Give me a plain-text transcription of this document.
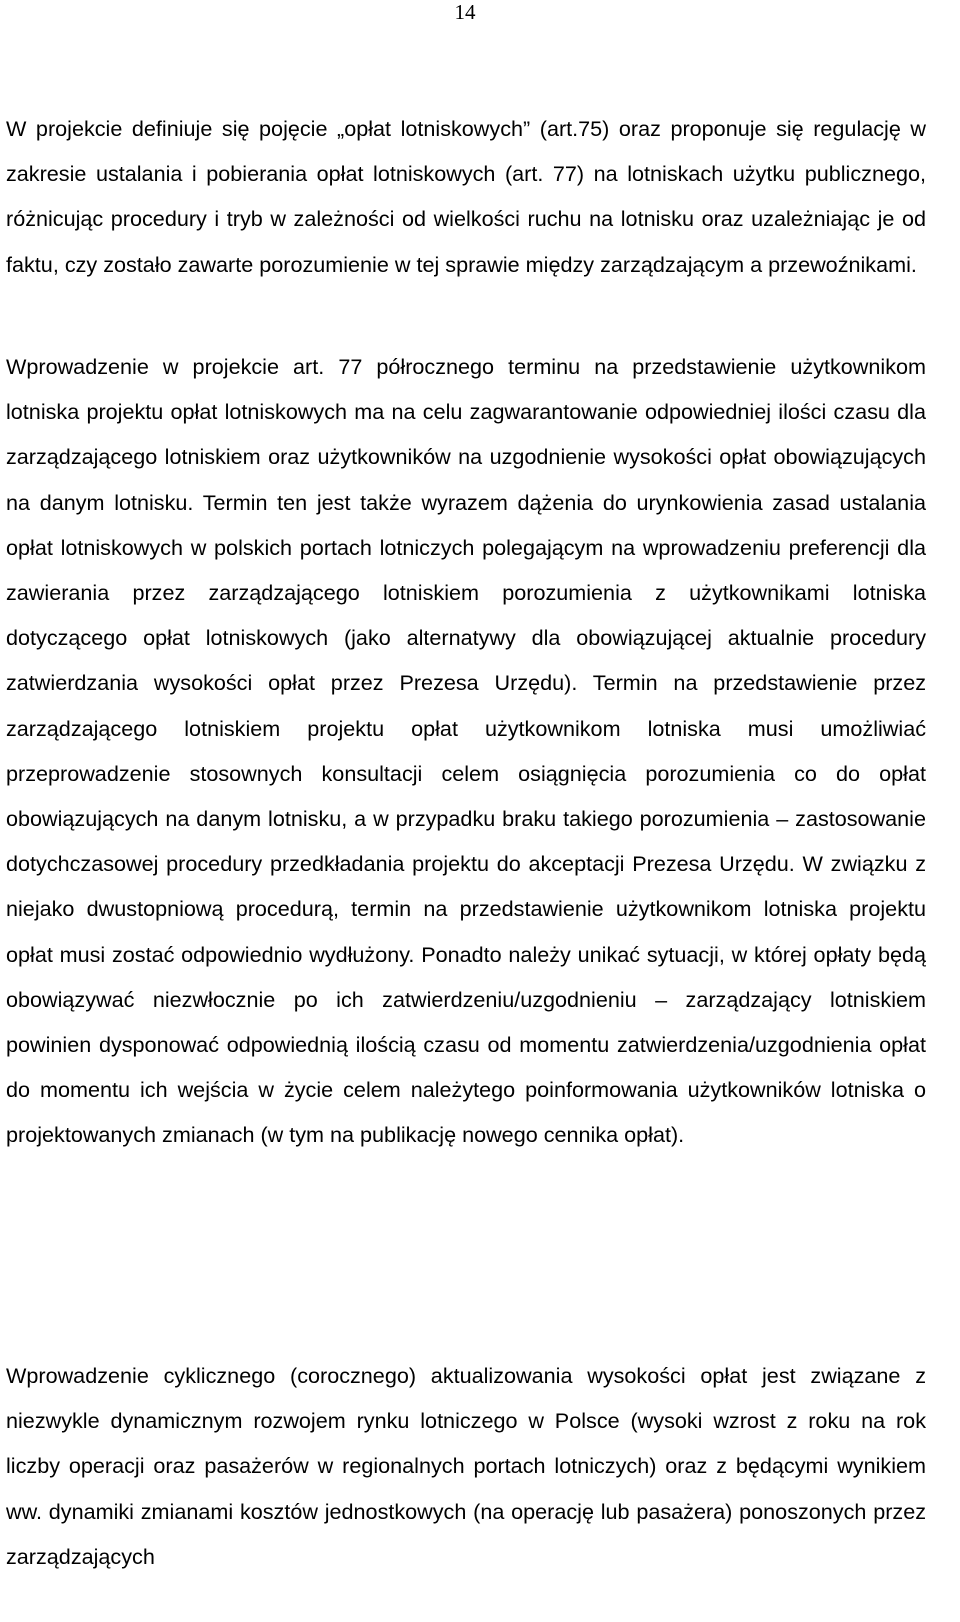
14

W projekcie definiuje się pojęcie „opłat lotniskowych” (art.75) oraz proponuje się regulację w zakresie ustalania i pobierania opłat lotniskowych (art. 77) na lotniskach użytku publicznego, różnicując procedury i tryb w zależności od wielkości ruchu na lotnisku oraz uzależniając je od faktu, czy zostało zawarte porozumienie w tej sprawie między zarządzającym a przewoźnikami.

Wprowadzenie w projekcie art. 77 półrocznego terminu na przedstawienie użytkownikom lotniska projektu opłat lotniskowych ma na celu zagwarantowanie odpowiedniej ilości czasu dla zarządzającego lotniskiem oraz użytkowników na uzgodnienie wysokości opłat obowiązujących na danym lotnisku. Termin ten jest także wyrazem dążenia do urynkowienia zasad ustalania opłat lotniskowych w polskich portach lotniczych polegającym na wprowadzeniu preferencji dla zawierania przez zarządzającego lotniskiem porozumienia z użytkownikami lotniska dotyczącego opłat lotniskowych (jako alternatywy dla obowiązującej aktualnie procedury zatwierdzania wysokości opłat przez Prezesa Urzędu). Termin na przedstawienie przez zarządzającego lotniskiem projektu opłat użytkownikom lotniska musi umożliwiać przeprowadzenie stosownych konsultacji celem osiągnięcia porozumienia co do opłat obowiązujących na danym lotnisku, a w przypadku braku takiego porozumienia – zastosowanie dotychczasowej procedury przedkładania projektu do akceptacji Prezesa Urzędu. W związku z niejako dwustopniową procedurą, termin na przedstawienie użytkownikom lotniska projektu opłat musi zostać odpowiednio wydłużony. Ponadto należy unikać sytuacji, w której opłaty będą obowiązywać niezwłocznie po ich zatwierdzeniu/uzgodnieniu – zarządzający lotniskiem powinien dysponować odpowiednią ilością czasu od momentu zatwierdzenia/uzgodnienia opłat do momentu ich wejścia w życie celem należytego poinformowania użytkowników lotniska o projektowanych zmianach (w tym na publikację nowego cennika opłat).

Wprowadzenie cyklicznego (corocznego) aktualizowania wysokości opłat jest związane z niezwykle dynamicznym rozwojem rynku lotniczego w Polsce (wysoki wzrost z roku na rok liczby operacji oraz pasażerów w regionalnych portach lotniczych) oraz z będącymi wynikiem ww. dynamiki zmianami kosztów jednostkowych (na operację lub pasażera) ponoszonych przez zarządzających
